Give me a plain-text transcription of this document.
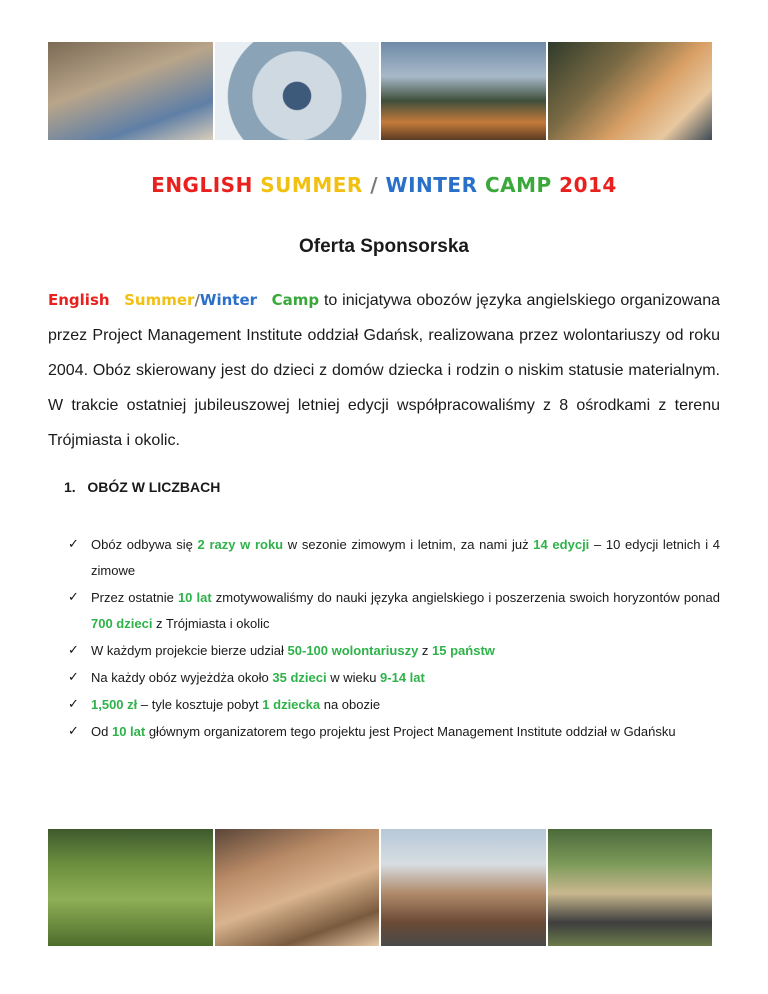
ENGLISH SUMMER / WINTER CAMP 2014
Oferta Sponsorska
English Summer/Winter Camp to inicjatywa obozów języka angielskiego organizowana przez Project Management Institute oddział Gdańsk, realizowana przez wolontariuszy od roku 2004. Obóz skierowany jest do dzieci z domów dziecka i rodzin o niskim statusie materialnym. W trakcie ostatniej jubileuszowej letniej edycji współpracowaliśmy z 8 ośrodkami z terenu Trójmiasta i okolic.
1. OBÓZ W LICZBACH
✓ Obóz odbywa się 2 razy w roku w sezonie zimowym i letnim, za nami już 14 edycji – 10 edycji letnich i 4 zimowe
✓ Przez ostatnie 10 lat zmotywowaliśmy do nauki języka angielskiego i poszerzenia swoich horyzontów ponad 700 dzieci z Trójmiasta i okolic
✓ W każdym projekcie bierze udział 50-100 wolontariuszy z 15 państw
✓ Na każdy obóz wyjeżdża około 35 dzieci w wieku 9-14 lat
✓ 1,500 zł – tyle kosztuje pobyt 1 dziecka na obozie
✓ Od 10 lat głównym organizatorem tego projektu jest Project Management Institute oddział w Gdańsku
